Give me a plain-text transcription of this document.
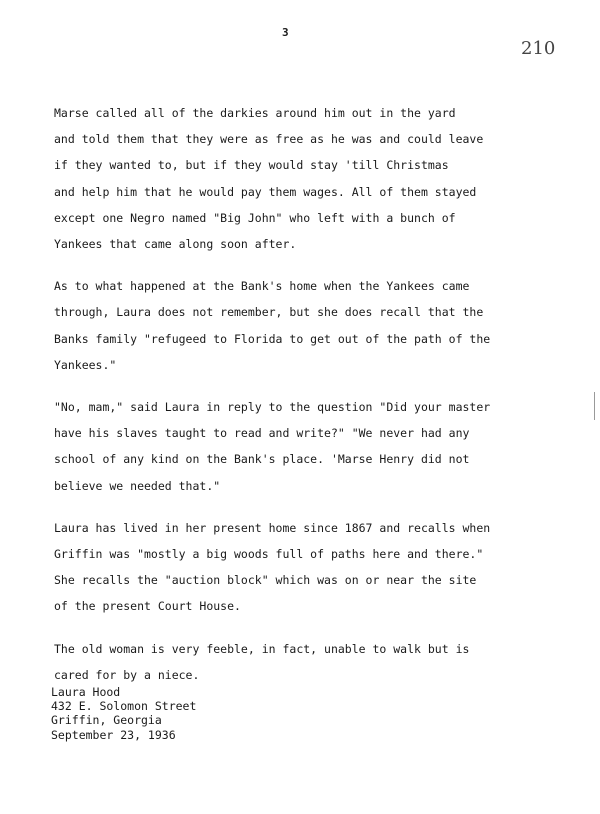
3
210
Marse called all of the darkies around him out in the yard
and told them that they were as free as he was and could leave
if they wanted to, but if they would stay 'till Christmas
and help him that he would pay them wages. All of them stayed
except one Negro named "Big John" who left with a bunch of
Yankees that came along soon after.
As to what happened at the Bank's home when the Yankees came
through, Laura does not remember, but she does recall that the
Banks family "refugeed to Florida to get out of the path of the
Yankees."
"No, mam," said Laura in reply to the question "Did your master
have his slaves taught to read and write?" "We never had any
school of any kind on the Bank's place. 'Marse Henry did not
believe we needed that."
Laura has lived in her present home since 1867 and recalls when
Griffin was "mostly a big woods full of paths here and there."
She recalls the "auction block" which was on or near the site
of the present Court House.
The old woman is very feeble, in fact, unable to walk but is
cared for by a niece.
Laura Hood
432 E. Solomon Street
Griffin, Georgia
September 23, 1936
